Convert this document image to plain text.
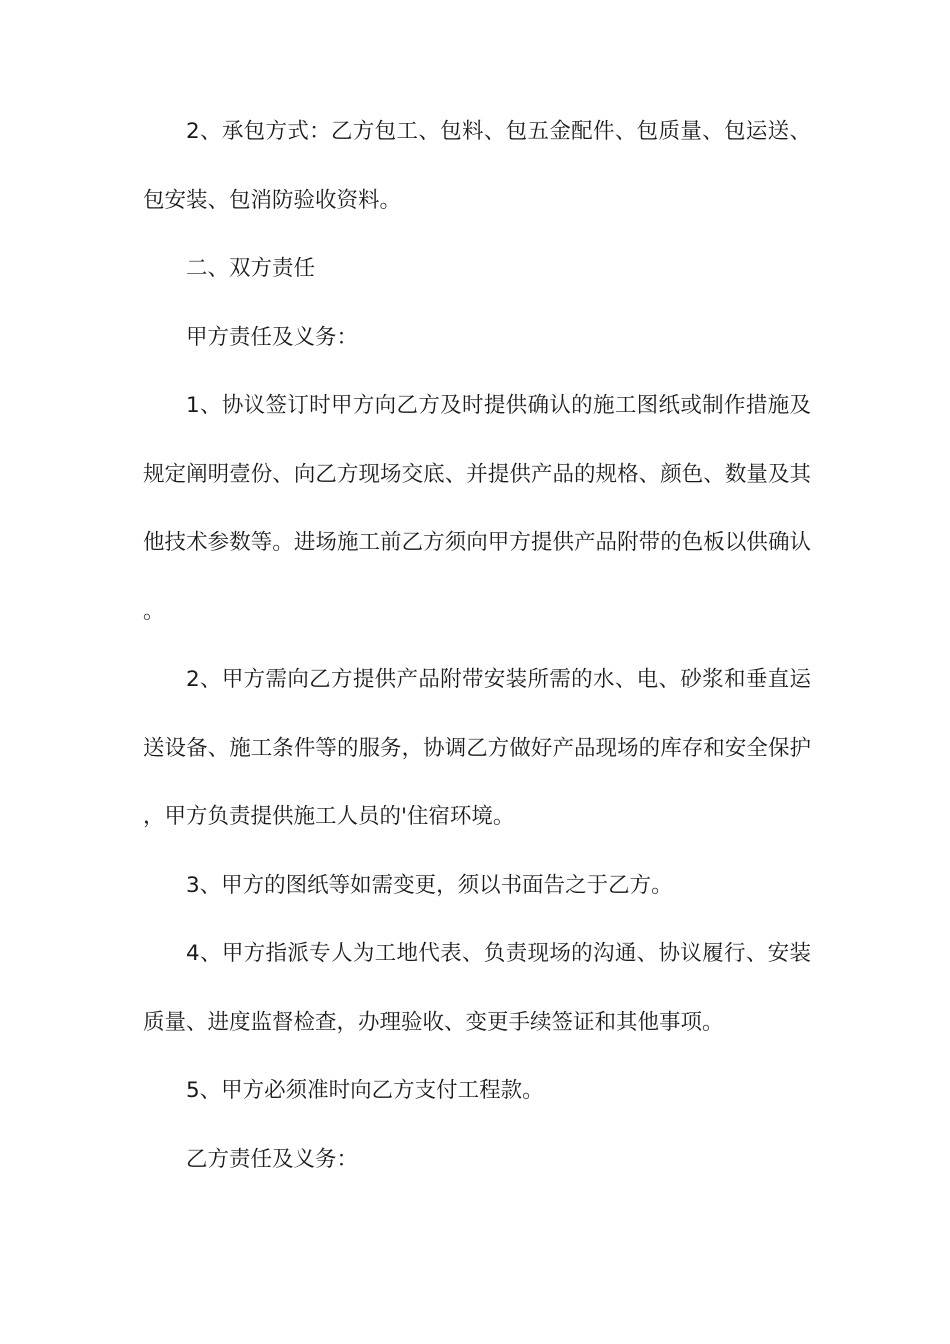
2、承包方式：乙方包工、包料、包五金配件、包质量、包运送、包安装、包消防验收资料。

二、双方责任

甲方责任及义务：

1、协议签订时甲方向乙方及时提供确认的施工图纸或制作措施及规定阐明壹份、向乙方现场交底、并提供产品的规格、颜色、数量及其他技术参数等。进场施工前乙方须向甲方提供产品附带的色板以供确认。

2、甲方需向乙方提供产品附带安装所需的水、电、砂浆和垂直运送设备、施工条件等的服务，协调乙方做好产品现场的库存和安全保护，甲方负责提供施工人员的'住宿环境。

3、甲方的图纸等如需变更，须以书面告之于乙方。

4、甲方指派专人为工地代表、负责现场的沟通、协议履行、安装质量、进度监督检查，办理验收、变更手续签证和其他事项。

5、甲方必须准时向乙方支付工程款。

乙方责任及义务：
